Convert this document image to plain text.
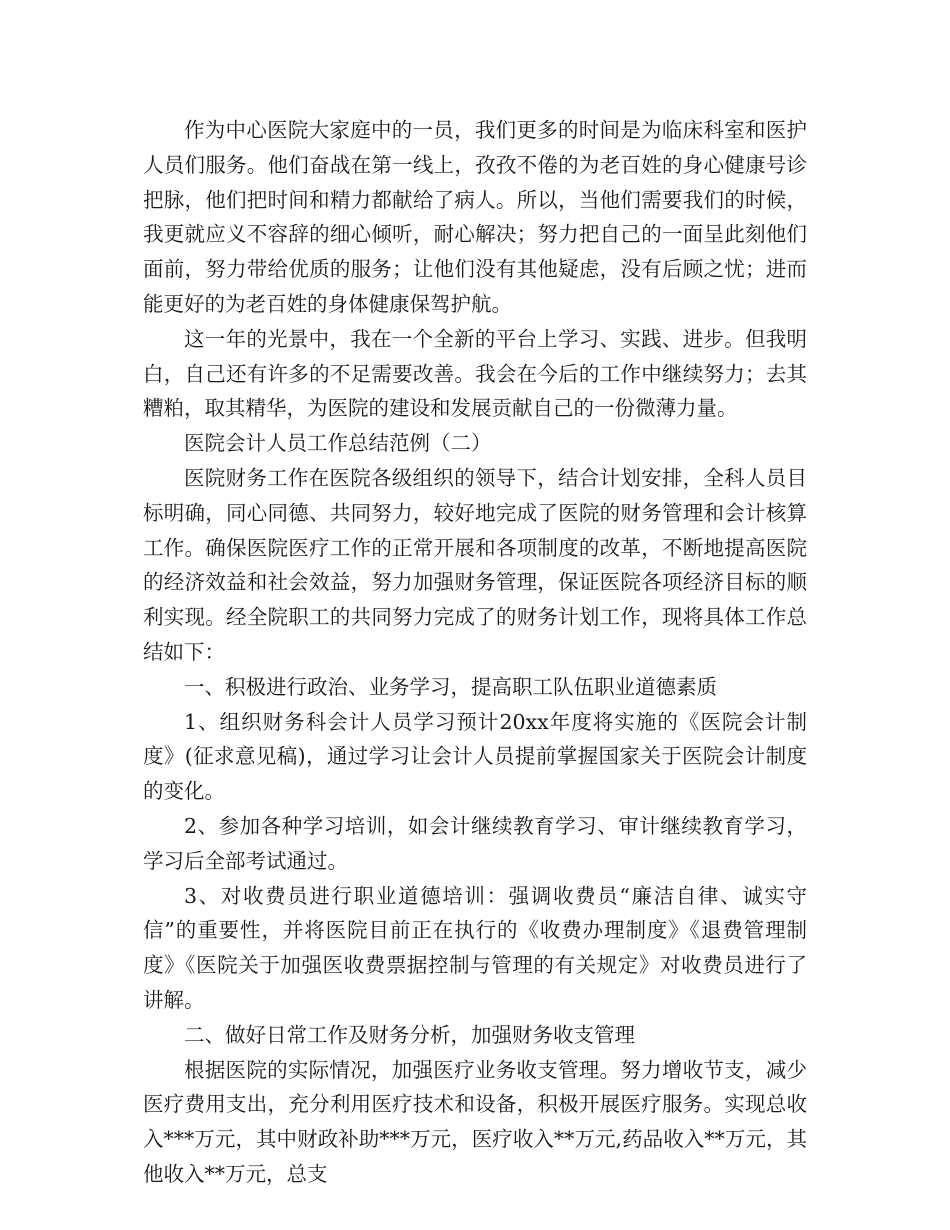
作为中心医院大家庭中的一员，我们更多的时间是为临床科室和医护人员们服务。他们奋战在第一线上，孜孜不倦的为老百姓的身心健康号诊把脉，他们把时间和精力都献给了病人。所以，当他们需要我们的时候，我更就应义不容辞的细心倾听，耐心解决；努力把自己的一面呈此刻他们面前，努力带给优质的服务；让他们没有其他疑虑，没有后顾之忧；进而能更好的为老百姓的身体健康保驾护航。

这一年的光景中，我在一个全新的平台上学习、实践、进步。但我明白，自己还有许多的不足需要改善。我会在今后的工作中继续努力；去其糟粕，取其精华，为医院的建设和发展贡献自己的一份微薄力量。

医院会计人员工作总结范例（二）

医院财务工作在医院各级组织的领导下，结合计划安排，全科人员目标明确，同心同德、共同努力，较好地完成了医院的财务管理和会计核算工作。确保医院医疗工作的正常开展和各项制度的改革，不断地提高医院的经济效益和社会效益，努力加强财务管理，保证医院各项经济目标的顺利实现。经全院职工的共同努力完成了的财务计划工作，现将具体工作总结如下：

一、积极进行政治、业务学习，提高职工队伍职业道德素质

1、组织财务科会计人员学习预计20xx年度将实施的《医院会计制度》(征求意见稿)，通过学习让会计人员提前掌握国家关于医院会计制度的变化。

2、参加各种学习培训，如会计继续教育学习、审计继续教育学习，学习后全部考试通过。

3、对收费员进行职业道德培训：强调收费员“廉洁自律、诚实守信”的重要性，并将医院目前正在执行的《收费办理制度》《退费管理制度》《医院关于加强医收费票据控制与管理的有关规定》对收费员进行了讲解。

二、做好日常工作及财务分析，加强财务收支管理

根据医院的实际情况，加强医疗业务收支管理。努力增收节支，减少医疗费用支出，充分利用医疗技术和设备，积极开展医疗服务。实现总收入***万元，其中财政补助***万元，医疗收入**万元,药品收入**万元，其他收入**万元，总支
